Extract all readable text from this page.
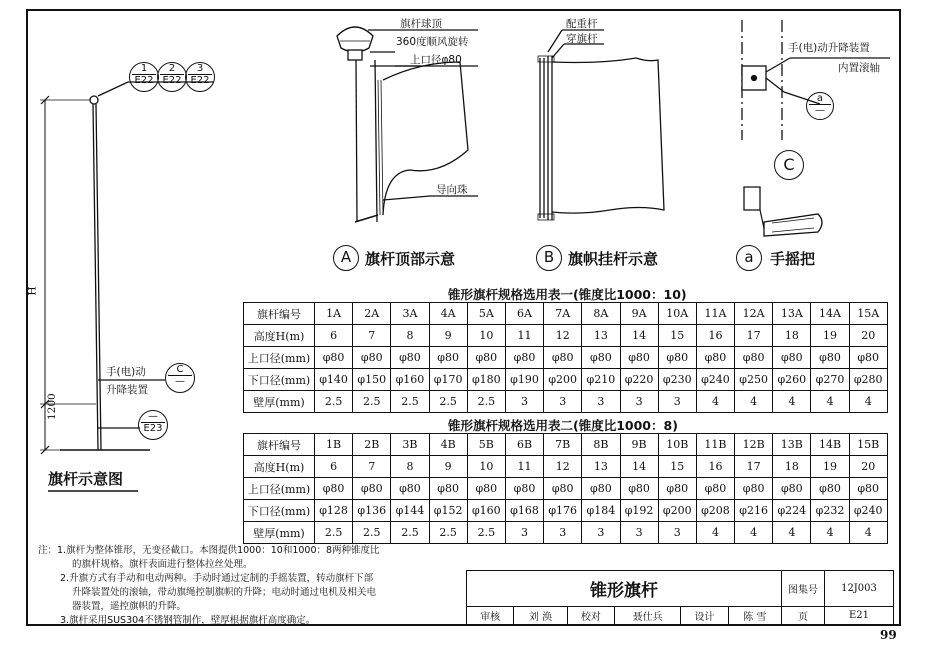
H
1200
1
E22
2
E22
3
E22
手(电)动
升降装置
C
—
—
E23
旗杆示意图
旗杆球顶
360度顺风旋转
上口径φ80
导向珠
A 旗杆顶部示意
配重杆
穿旗杆
B 旗帜挂杆示意
手(电)动升降装置
内置滚轴
a
—
C
a	手摇把
锥形旗杆规格选用表一(锥度比1000：10)
旗杆编号	1A	2A	3A	4A	5A	6A	7A	8A	9A	10A	11A	12A	13A	14A	15A
高度H(m)	6	7	8	9	10	11	12	13	14	15	16	17	18	19	20
上口径(mm)	φ80	φ80	φ80	φ80	φ80	φ80	φ80	φ80	φ80	φ80	φ80	φ80	φ80	φ80	φ80
下口径(mm)	φ140	φ150	φ160	φ170	φ180	φ190	φ200	φ210	φ220	φ230	φ240	φ250	φ260	φ270	φ280
壁厚(mm)	2.5	2.5	2.5	2.5	2.5	3	3	3	3	3	4	4	4	4	4
锥形旗杆规格选用表二(锥度比1000：8)
旗杆编号	1B	2B	3B	4B	5B	6B	7B	8B	9B	10B	11B	12B	13B	14B	15B
高度H(m)	6	7	8	9	10	11	12	13	14	15	16	17	18	19	20
上口径(mm)	φ80	φ80	φ80	φ80	φ80	φ80	φ80	φ80	φ80	φ80	φ80	φ80	φ80	φ80	φ80
下口径(mm)	φ128	φ136	φ144	φ152	φ160	φ168	φ176	φ184	φ192	φ200	φ208	φ216	φ224	φ232	φ240
壁厚(mm)	2.5	2.5	2.5	2.5	2.5	3	3	3	3	3	4	4	4	4	4
注：1.旗杆为整体锥形，无变径截口。本图提供1000：10和1000：8两种锥度比
的旗杆规格。旗杆表面进行整体拉丝处理。
2.升旗方式有手动和电动两种。手动时通过定制的手摇装置，转动旗杆下部
升降装置处的滚轴，带动旗绳控制旗帜的升降；电动时通过电机及相关电
器装置，遥控旗帜的升降。
3.旗杆采用SUS304不锈钢管制作，壁厚根据旗杆高度确定。
锥形旗杆						图集号	12J003
审核	刘 涣	校对	聂仕兵	设计	陈 雪	页	E21
99
